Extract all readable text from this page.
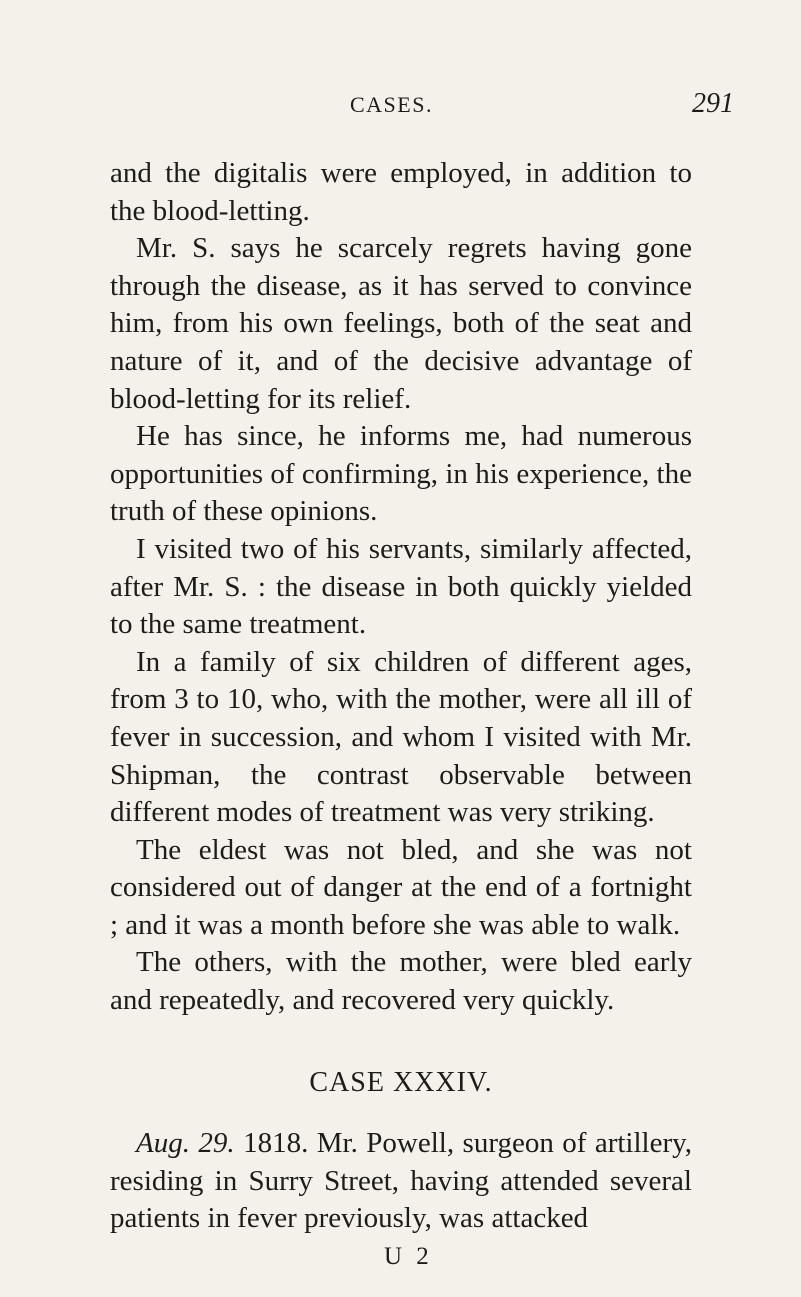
CASES.	291

and the digitalis were employed, in addition to the blood-letting.

Mr. S. says he scarcely regrets having gone through the disease, as it has served to convince him, from his own feelings, both of the seat and nature of it, and of the decisive advantage of blood-letting for its relief.

He has since, he informs me, had numerous opportunities of confirming, in his experience, the truth of these opinions.

I visited two of his servants, similarly affected, after Mr. S. : the disease in both quickly yielded to the same treatment.

In a family of six children of different ages, from 3 to 10, who, with the mother, were all ill of fever in succession, and whom I visited with Mr. Shipman, the contrast observable between different modes of treatment was very striking.

The eldest was not bled, and she was not considered out of danger at the end of a fortnight ; and it was a month before she was able to walk.

The others, with the mother, were bled early and repeatedly, and recovered very quickly.

CASE XXXIV.

Aug. 29. 1818. Mr. Powell, surgeon of artillery, residing in Surry Street, having attended several patients in fever previously, was attacked

U 2
